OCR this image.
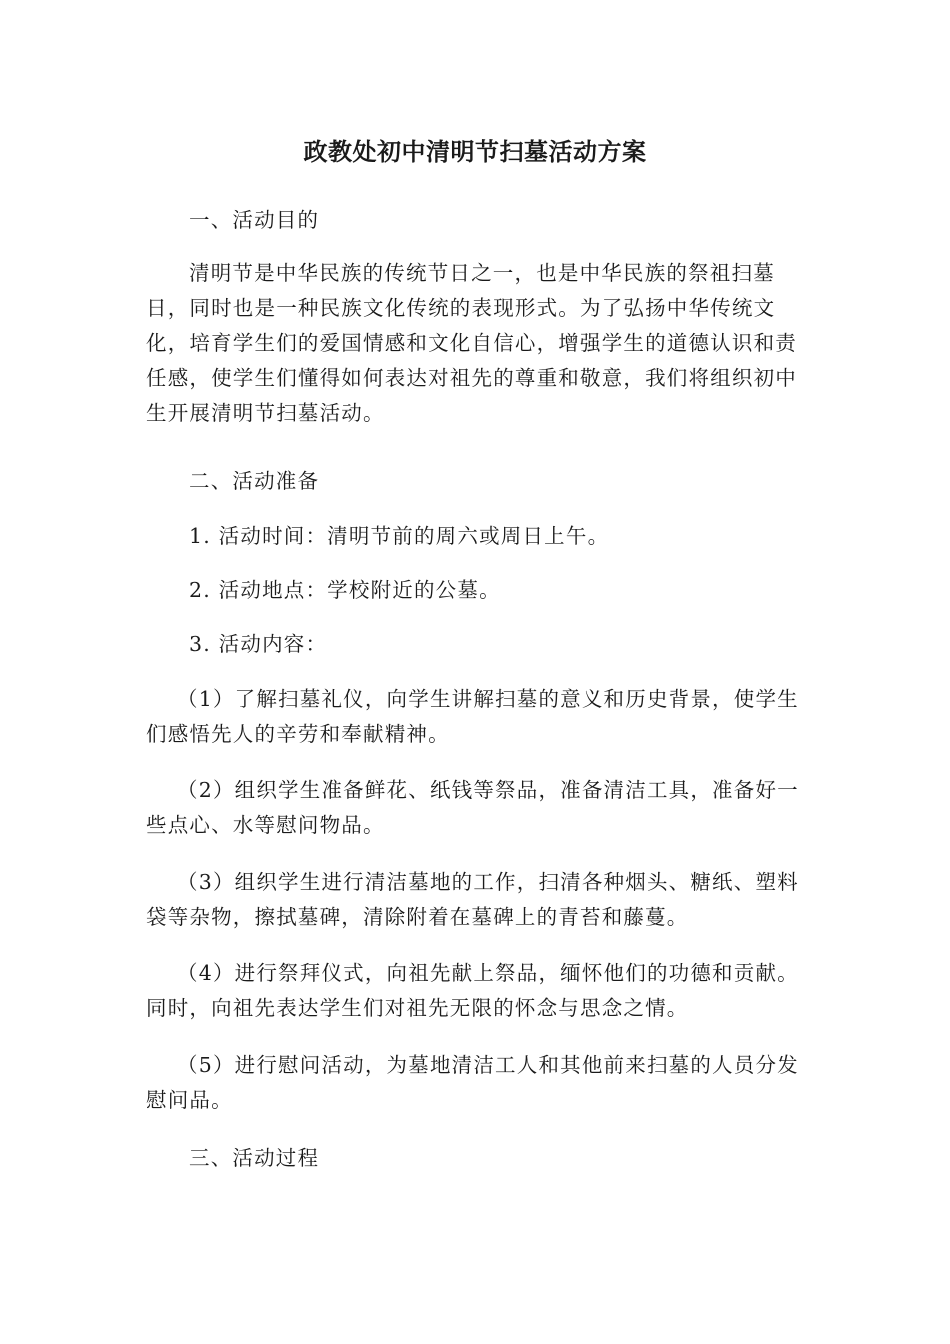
政教处初中清明节扫墓活动方案

一、活动目的

清明节是中华民族的传统节日之一，也是中华民族的祭祖扫墓日，同时也是一种民族文化传统的表现形式。为了弘扬中华传统文化，培育学生们的爱国情感和文化自信心，增强学生的道德认识和责任感，使学生们懂得如何表达对祖先的尊重和敬意，我们将组织初中生开展清明节扫墓活动。

二、活动准备

1. 活动时间：清明节前的周六或周日上午。

2. 活动地点：学校附近的公墓。

3. 活动内容：

（1）了解扫墓礼仪，向学生讲解扫墓的意义和历史背景，使学生们感悟先人的辛劳和奉献精神。

（2）组织学生准备鲜花、纸钱等祭品，准备清洁工具，准备好一些点心、水等慰问物品。

（3）组织学生进行清洁墓地的工作，扫清各种烟头、糖纸、塑料袋等杂物，擦拭墓碑，清除附着在墓碑上的青苔和藤蔓。

（4）进行祭拜仪式，向祖先献上祭品，缅怀他们的功德和贡献。同时，向祖先表达学生们对祖先无限的怀念与思念之情。

（5）进行慰问活动，为墓地清洁工人和其他前来扫墓的人员分发慰问品。

三、活动过程
